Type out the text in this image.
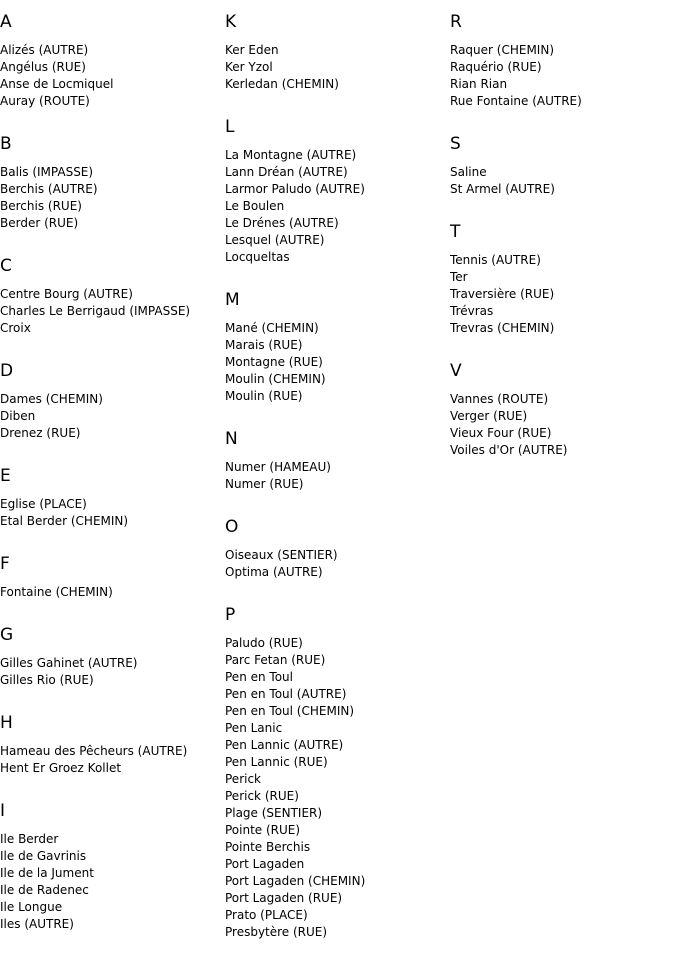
A
Alizés (AUTRE)
Angélus (RUE)
Anse de Locmiquel
Auray (ROUTE)
B
Balis (IMPASSE)
Berchis (AUTRE)
Berchis (RUE)
Berder (RUE)
C
Centre Bourg (AUTRE)
Charles Le Berrigaud (IMPASSE)
Croix
D
Dames (CHEMIN)
Diben
Drenez (RUE)
E
Eglise (PLACE)
Etal Berder (CHEMIN)
F
Fontaine (CHEMIN)
G
Gilles Gahinet (AUTRE)
Gilles Rio (RUE)
H
Hameau des Pêcheurs (AUTRE)
Hent Er Groez Kollet
I
Ile Berder
Ile de Gavrinis
Ile de la Jument
Ile de Radenec
Ile Longue
Iles (AUTRE)
K
Ker Eden
Ker Yzol
Kerledan (CHEMIN)
L
La Montagne (AUTRE)
Lann Dréan (AUTRE)
Larmor Paludo (AUTRE)
Le Boulen
Le Drénes (AUTRE)
Lesquel (AUTRE)
Locqueltas
M
Mané (CHEMIN)
Marais (RUE)
Montagne (RUE)
Moulin (CHEMIN)
Moulin (RUE)
N
Numer (HAMEAU)
Numer (RUE)
O
Oiseaux (SENTIER)
Optima (AUTRE)
P
Paludo (RUE)
Parc Fetan (RUE)
Pen en Toul
Pen en Toul (AUTRE)
Pen en Toul (CHEMIN)
Pen Lanic
Pen Lannic (AUTRE)
Pen Lannic (RUE)
Perick
Perick (RUE)
Plage (SENTIER)
Pointe (RUE)
Pointe Berchis
Port Lagaden
Port Lagaden (CHEMIN)
Port Lagaden (RUE)
Prato (PLACE)
Presbytère (RUE)
R
Raquer (CHEMIN)
Raquério (RUE)
Rian Rian
Rue Fontaine (AUTRE)
S
Saline
St Armel (AUTRE)
T
Tennis (AUTRE)
Ter
Traversière (RUE)
Trévras
Trevras (CHEMIN)
V
Vannes (ROUTE)
Verger (RUE)
Vieux Four (RUE)
Voiles d'Or (AUTRE)
